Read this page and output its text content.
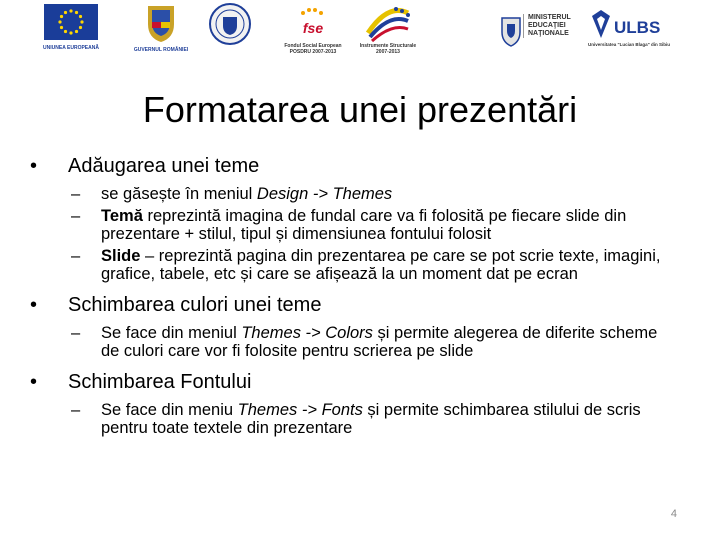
UNIUNEA EUROPEANĂ	GUVERNUL ROMÂNIEI
fse
Fondul Social European
POSDRU 2007-2013
Instrumente Structurale
2007-2013
MINISTERUL
EDUCAŢIEI
NAŢIONALE	ULBS
Universitatea "Lucian Blaga" din Sibiu
Formatarea unei prezentări
•	Adăugarea unei teme
– se găsește în meniul Design -> Themes
– Temă reprezintă imagina de fundal care va fi folosită pe fiecare slide din prezentare + stilul, tipul și dimensiunea fontului folosit
– Slide – reprezintă pagina din prezentarea pe care se pot scrie texte, imagini, grafice, tabele, etc și care se afișează la un moment dat pe ecran
•	Schimbarea culori unei teme
– Se face din meniul Themes -> Colors și permite alegerea de diferite scheme de culori care vor fi folosite pentru scrierea pe slide
•	Schimbarea Fontului
– Se face din meniu Themes -> Fonts și permite schimbarea stilului de scris pentru toate textele din prezentare
4
